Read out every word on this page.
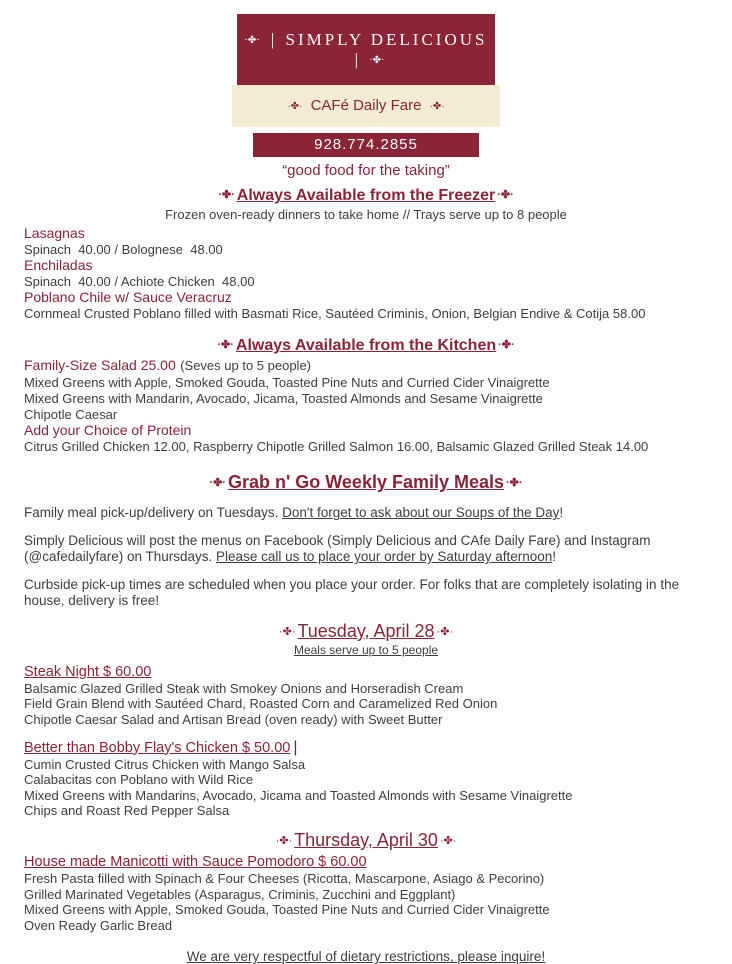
·✤· | SIMPLY DELICIOUS | ·✤·
·✤· CAFé Daily Fare ·✤·
928.774.2855
“good food for the taking”
·✤· Always Available from the Freezer ·✤·

Frozen oven-ready dinners to take home // Trays serve up to 8 people

Lasagnas
Spinach  40.00 / Bolognese  48.00
Enchiladas
Spinach  40.00 / Achiote Chicken  48.00
Poblano Chile w/ Sauce Veracruz
Cornmeal Crusted Poblano filled with Basmati Rice, Sautéed Criminis, Onion, Belgian Endive & Cotija 58.00
·✤· Always Available from the Kitchen ·✤·
Family-Size Salad 25.00 (Seves up to 5 people)
Mixed Greens with Apple, Smoked Gouda, Toasted Pine Nuts and Curried Cider Vinaigrette
Mixed Greens with Mandarin, Avocado, Jicama, Toasted Almonds and Sesame Vinaigrette
Chipotle Caesar
Add your Choice of Protein
Citrus Grilled Chicken 12.00, Raspberry Chipotle Grilled Salmon 16.00, Balsamic Glazed Grilled Steak 14.00
·✤· Grab n' Go Weekly Family Meals ·✤·

Family meal pick-up/delivery on Tuesdays. Don't forget to ask about our Soups of the Day!

Simply Delicious will post the menus on Facebook (Simply Delicious and CAfe Daily Fare) and Instagram (@cafedailyfare) on Thursdays. Please call us to place your order by Saturday afternoon!

Curbside pick-up times are scheduled when you place your order. For folks that are completely isolating in the house, delivery is free!

·✤· Tuesday, April 28 ·✤·
Meals serve up to 5 people
Steak Night $ 60.00
Balsamic Glazed Grilled Steak with Smokey Onions and Horseradish Cream
Field Grain Blend with Sautéed Chard, Roasted Corn and Caramelized Red Onion
Chipotle Caesar Salad and Artisan Bread (oven ready) with Sweet Butter
Better than Bobby Flay's Chicken $ 50.00 |
Cumin Crusted Citrus Chicken with Mango Salsa
Calabacitas con Poblano with Wild Rice
Mixed Greens with Mandarins, Avocado, Jicama and Toasted Almonds with Sesame Vinaigrette
Chips and Roast Red Pepper Salsa
·✤· Thursday, April 30 ·✤·
House made Manicotti with Sauce Pomodoro $ 60.00
Fresh Pasta filled with Spinach & Four Cheeses (Ricotta, Mascarpone, Asiago & Pecorino)
Grilled Marinated Vegetables (Asparagus, Criminis, Zucchini and Eggplant)
Mixed Greens with Apple, Smoked Gouda, Toasted Pine Nuts and Curried Cider Vinaigrette
Oven Ready Garlic Bread
We are very respectful of dietary restrictions, please inquire!
